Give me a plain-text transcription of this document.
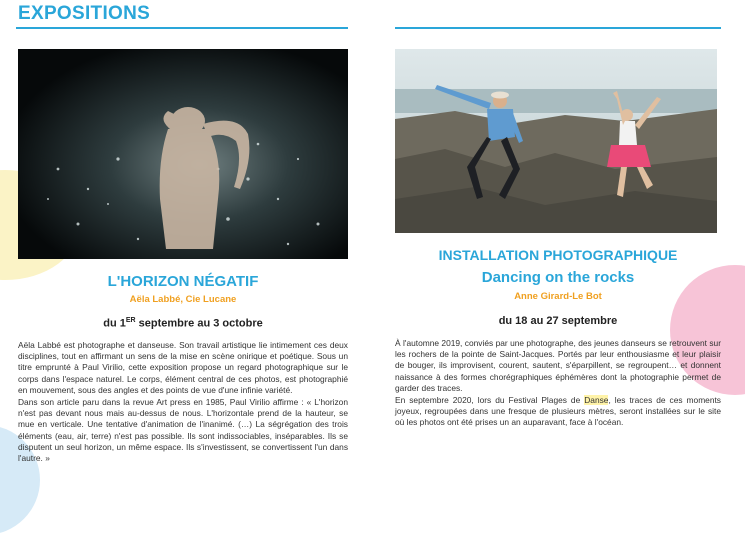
EXPOSITIONS
L'HORIZON NÉGATIF

Aëla Labbé, Cie Lucane

du 1ER septembre au 3 octobre

Aëla Labbé est photographe et danseuse. Son travail artistique lie intimement ces deux disciplines, tout en affirmant un sens de la mise en scène onirique et poétique. Sous un titre emprunté à Paul Virilio, cette exposition propose un regard photographique sur le corps dans l'espace naturel. Le corps, élément central de ces photos, est photographié en mouvement, sous des angles et des points de vue d'une infinie variété.

Dans son article paru dans la revue Art press en 1985, Paul Virilio affirme : « L'horizon n'est pas devant nous mais au-dessus de nous. L'horizontale prend de la hauteur, se mue en verticale. Une tentative d'animation de l'inanimé. (…) La ségrégation des trois éléments (eau, air, terre) n'est pas possible. Ils sont indissociables, inséparables. Ils se disputent un seul horizon, un même espace. Ils s'investissent, se convertissent l'un dans l'autre. »

INSTALLATION PHOTOGRAPHIQUE
Dancing on the rocks

Anne Girard-Le Bot

du 18 au 27 septembre

À l'automne 2019, conviés par une photographe, des jeunes danseurs se retrouvent sur les rochers de la pointe de Saint-Jacques. Portés par leur enthousiasme et leur plaisir de bouger, ils improvisent, courent, sautent, s'éparpillent, se regroupent… et donnent naissance à des formes chorégraphiques éphémères dont la photographie permet de garder des traces.

En septembre 2020, lors du Festival Plages de Danse, les traces de ces moments joyeux, regroupées dans une fresque de plusieurs mètres, seront installées sur le site où les photos ont été prises un an auparavant, face à l'océan.
